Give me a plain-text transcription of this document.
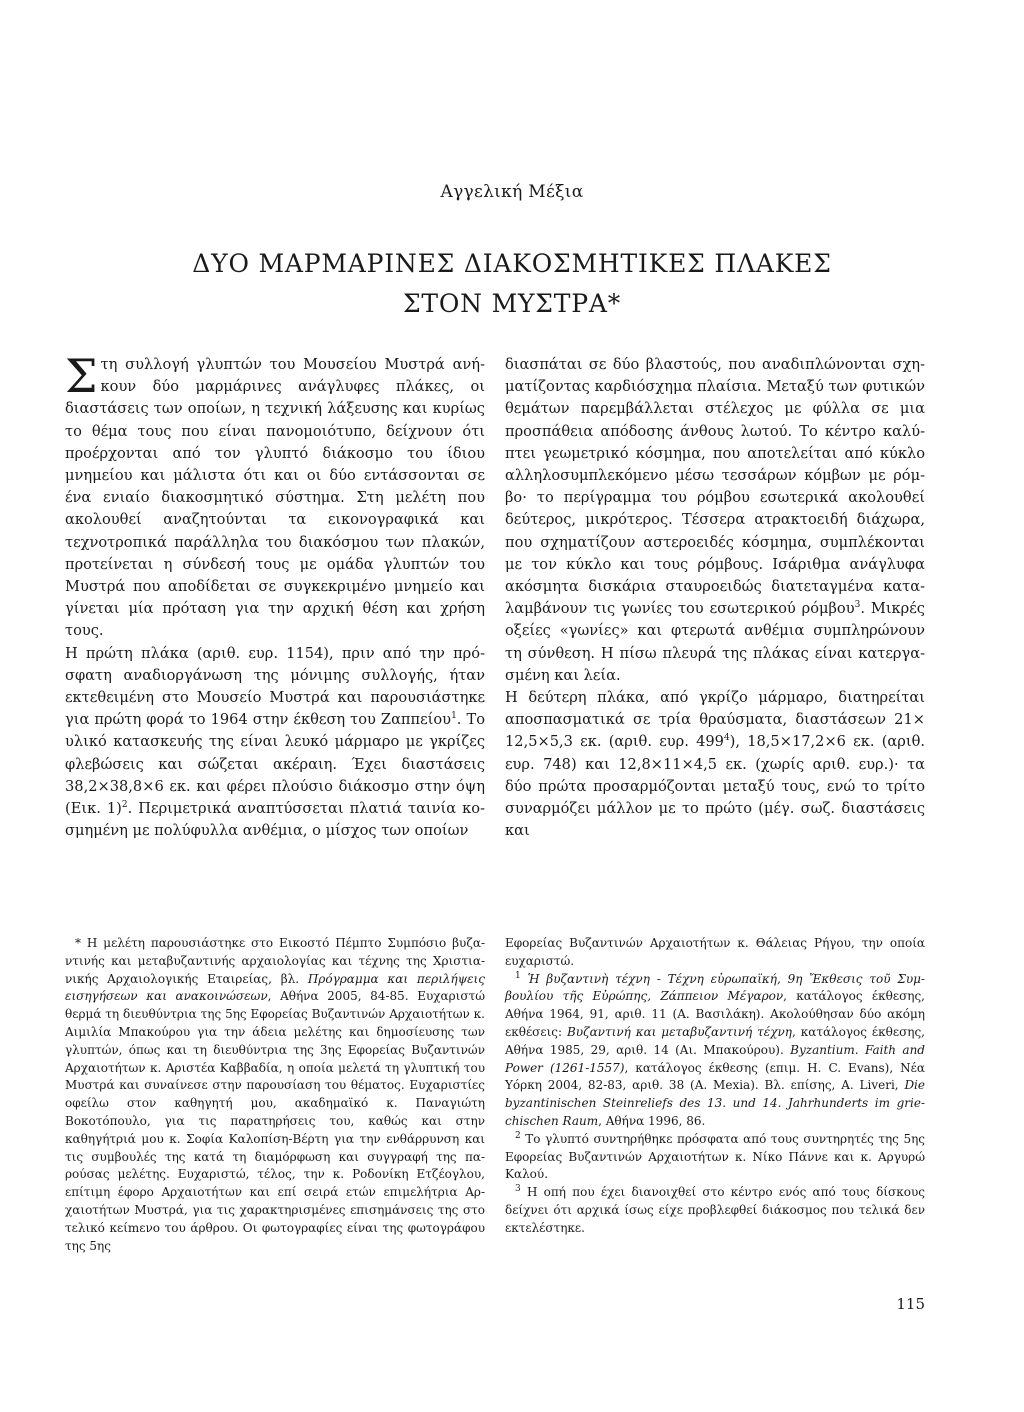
Αγγελική Μέξια
ΔΥΟ ΜΑΡΜΑΡΙΝΕΣ ΔΙΑΚΟΣΜΗΤΙΚΕΣ ΠΛΑΚΕΣ
ΣΤΟΝ ΜΥΣΤΡΑ*

Στη συλλογή γλυπτών του Μουσείου Μυστρά ανήκουν δύο μαρμάρινες ανάγλυφες πλάκες, οι διαστάσεις των οποίων, η τεχνική λάξευσης και κυρίως το θέμα τους που είναι πανομοιότυπο, δείχνουν ότι προέρχονται από τον γλυπτό διάκοσμο του ίδιου μνημείου και μάλιστα ότι και οι δύο εντάσσονται σε ένα ενιαίο διακοσμητικό σύστημα. Στη μελέτη που ακολουθεί αναζητούνται τα εικονογραφικά και τεχνοτροπικά παράλληλα του διακόσμου των πλακών, προτείνεται η σύνδεσή τους με ομάδα γλυπτών του Μυστρά που αποδίδεται σε συγκεκριμένο μνημείο και γίνεται μία πρόταση για την αρχική θέση και χρήση τους.

Η πρώτη πλάκα (αριθ. ευρ. 1154), πριν από την πρόσφατη αναδιοργάνωση της μόνιμης συλλογής, ήταν εκτεθειμένη στο Μουσείο Μυστρά και παρουσιάστηκε για πρώτη φορά το 1964 στην έκθεση του Ζαππείου$^1$. Το υλικό κατασκευής της είναι λευκό μάρμαρο με γκρίζες φλεβώσεις και σώζεται ακέραιη. Έχει διαστάσεις 38,2×38,8×6 εκ. και φέρει πλούσιο διάκοσμο στην όψη (Εικ. 1)$^2$. Περιμετρικά αναπτύσσεται πλατιά ταινία κοσμημένη με πολύφυλλα ανθέμια, ο μίσχος των οποίων

διασπάται σε δύο βλαστούς, που αναδιπλώνονται σχηματίζοντας καρδιόσχημα πλαίσια. Μεταξύ των φυτικών θεμάτων παρεμβάλλεται στέλεχος με φύλλα σε μια προσπάθεια απόδοσης άνθους λωτού. Το κέντρο καλύπτει γεωμετρικό κόσμημα, που αποτελείται από κύκλο αλληλοσυμπλεκόμενο μέσω τεσσάρων κόμβων με ρόμβο· το περίγραμμα του ρόμβου εσωτερικά ακολουθεί δεύτερος, μικρότερος. Τέσσερα ατρακτοειδή διάχωρα, που σχηματίζουν αστεροειδές κόσμημα, συμπλέκονται με τον κύκλο και τους ρόμβους. Ισάριθμα ανάγλυφα ακόσμητα δισκάρια σταυροειδώς διατεταγμένα καταλαμβάνουν τις γωνίες του εσωτερικού ρόμβου$^3$. Μικρές οξείες «γωνίες» και φτερωτά ανθέμια συμπληρώνουν τη σύνθεση. Η πίσω πλευρά της πλάκας είναι κατεργασμένη και λεία.

Η δεύτερη πλάκα, από γκρίζο μάρμαρο, διατηρείται αποσπασματικά σε τρία θραύσματα, διαστάσεων 21× 12,5×5,3 εκ. (αριθ. ευρ. $499^4$), 18,5×17,2×6 εκ. (αριθ. ευρ. 748) και 12,8×11×4,5 εκ. (χωρίς αριθ. ευρ.)· τα δύο πρώτα προσαρμόζονται μεταξύ τους, ενώ το τρίτο συναρμόζει μάλλον με το πρώτο (μέγ. σωζ. διαστάσεις και

* Η μελέτη παρουσιάστηκε στο Εικοστό Πέμπτο Συμπόσιο βυζαντινής και μεταβυζαντινής αρχαιολογίας και τέχνης της Χριστιανικής Αρχαιολογικής Εταιρείας, βλ. Πρόγραμμα και περιλήψεις εισηγήσεων και ανακοινώσεων, Αθήνα 2005, 84-85. Ευχαριστώ θερμά τη διευθύντρια της 5ης Εφορείας Βυζαντινών Αρχαιοτήτων κ. Αιμιλία Μπακούρου για την άδεια μελέτης και δημοσίευσης των γλυπτών, όπως και τη διευθύντρια της 3ης Εφορείας Βυζαντινών Αρχαιοτήτων κ. Αριστέα Καββαδία, η οποία μελετά τη γλυπτική του Μυστρά και συναίνεσε στην παρουσίαση του θέματος. Ευχαριστίες οφείλω στον καθηγητή μου, ακαδημαϊκό κ. Παναγιώτη Βοκοτόπουλο, για τις παρατηρήσεις του, καθώς και στην καθηγήτριά μου κ. Σοφία Καλοπίση-Βέρτη για την ενθάρρυνση και τις συμβουλές της κατά τη διαμόρφωση και συγγραφή της παρούσας μελέτης. Ευχαριστώ, τέλος, την κ. Ροδονίκη Ετζέογλου, επίτιμη έφορο Αρχαιοτήτων και επί σειρά ετών επιμελήτρια Αρχαιοτήτων Μυστρά, για τις χαρακτηρισμένες επισημάνσεις της στο τελικό κείmενο του άρθρου. Οι φωτογραφίες είναι της φωτογράφου της 5ης

Εφορείας Βυζαντινών Αρχαιοτήτων κ. Θάλειας Ρήγου, την οποία ευχαριστώ.

$^1$ Ἡ βυζαντινὴ τέχνη - Τέχνη εὐρωπαϊκή, 9η Ἔκθεσις τοῦ Συμβουλίου τῆς Εὐρώπης, Ζάππειον Μέγαρον, κατάλογος έκθεσης, Αθήνα 1964, 91, αριθ. 11 (Α. Βασιλάκη). Ακολούθησαν δύο ακόμη εκθέσεις: Βυζαντινή και μεταβυζαντινή τέχνη, κατάλογος έκθεσης, Αθήνα 1985, 29, αριθ. 14 (Αι. Μπακούρου). Byzantium. Faith and Power (1261-1557), κατάλογος έκθεσης (επιμ. H. C. Evans), Νέα Υόρκη 2004, 82-83, αριθ. 38 (A. Mexia). Βλ. επίσης, A. Liveri, Die byzantinischen Steinreliefs des 13. und 14. Jahrhunderts im griechischen Raum, Αθήνα 1996, 86.

$^2$ Το γλυπτό συντηρήθηκε πρόσφατα από τους συντηρητές της 5ης Εφορείας Βυζαντινών Αρχαιοτήτων κ. Νίκο Πάννε και κ. Αργυρώ Καλού.

$^3$ Η οπή που έχει διανοιχθεί στο κέντρο ενός από τους δίσκους δείχνει ότι αρχικά ίσως είχε προβλεφθεί διάκοσμος που τελικά δεν εκτελέστηκε.

115
